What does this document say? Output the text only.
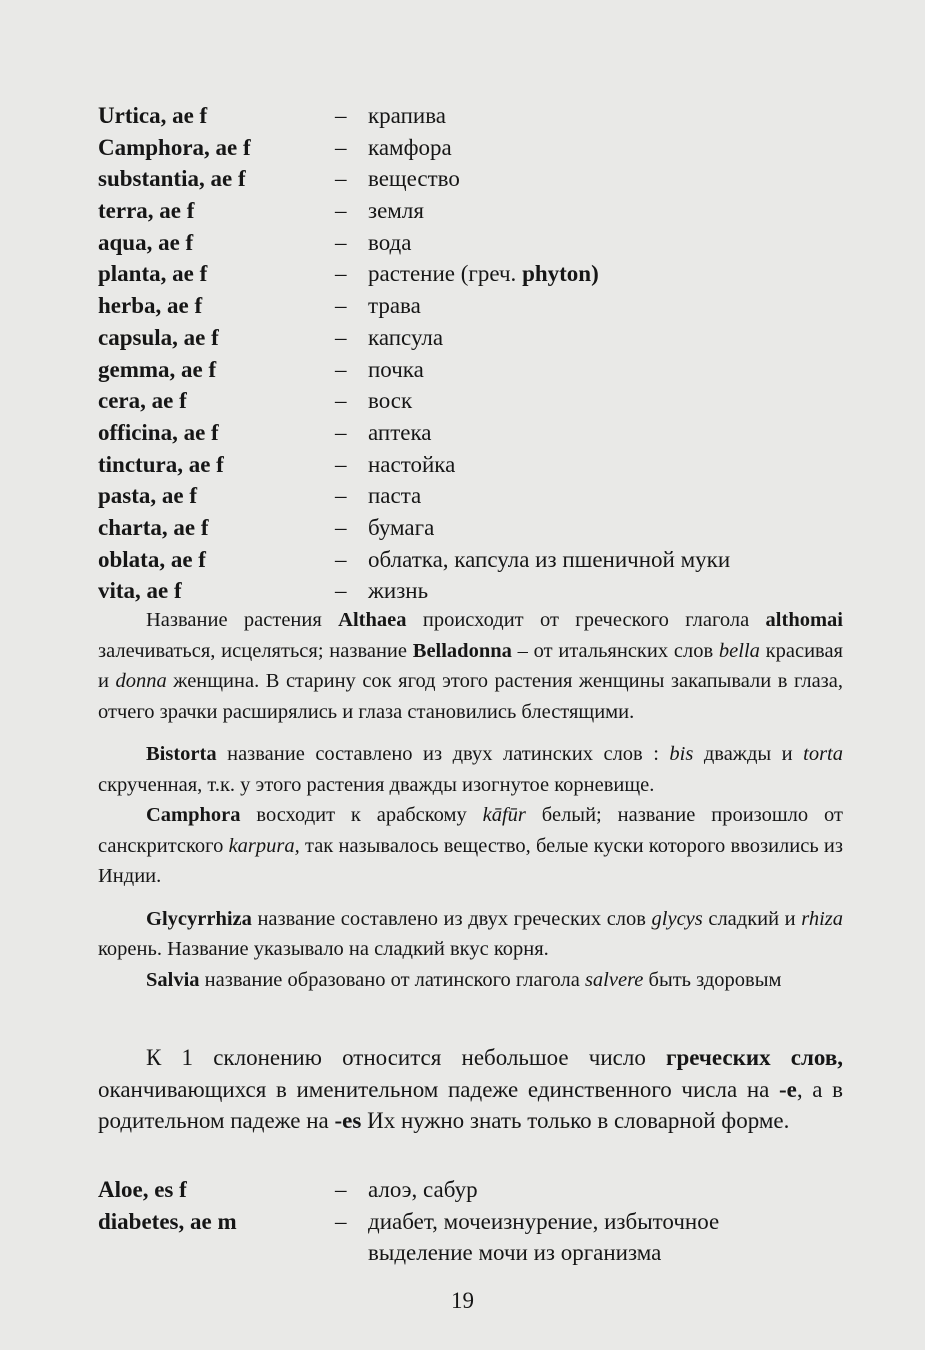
Urtica, ae f	– крапива
Camphora, ae f	– камфора
substantia, ae f	– вещество
terra, ae f	– земля
aqua, ae f	– вода
planta, ae f	– растение (греч. phyton)
herba, ae f	– трава
capsula, ae f	– капсула
gemma, ae f	– почка
cera, ae f	– воск
officina, ae f	– аптека
tinctura, ae f	– настойка
pasta, ae f	– паста
charta, ae f	– бумага
oblata, ae f	– облатка, капсула из пшеничной муки
vita, ae f	– жизнь

Название растения Althaea происходит от греческого глагола althomai залечиваться, исцеляться; название Belladonna – от итальянских слов bella красивая и donna женщина. В старину сок ягод этого растения женщины закапывали в глаза, отчего зрачки расширялись и глаза становились блестящими.

Bistorta название составлено из двух латинских слов : bis дважды и torta скрученная, т.к. у этого растения дважды изогнутое корневище.

Camphora восходит к арабскому kāfūr белый; название произошло от санскритского karpura, так называлось вещество, белые куски которого ввозились из Индии.

Glycyrrhiza название составлено из двух греческих слов glycys сладкий и rhiza корень. Название указывало на сладкий вкус корня.

Salvia название образовано от латинского глагола salvere быть здоровым

К 1 склонению относится небольшое число греческих слов, оканчивающихся в именительном падеже единственного числа на -e, а в родительном падеже на -es Их нужно знать только в словарной форме.

Aloe, es f	– алоэ, сабур
diabetes, ae m	– диабет, мочеизнурение, избыточное выделение мочи из организма
19
